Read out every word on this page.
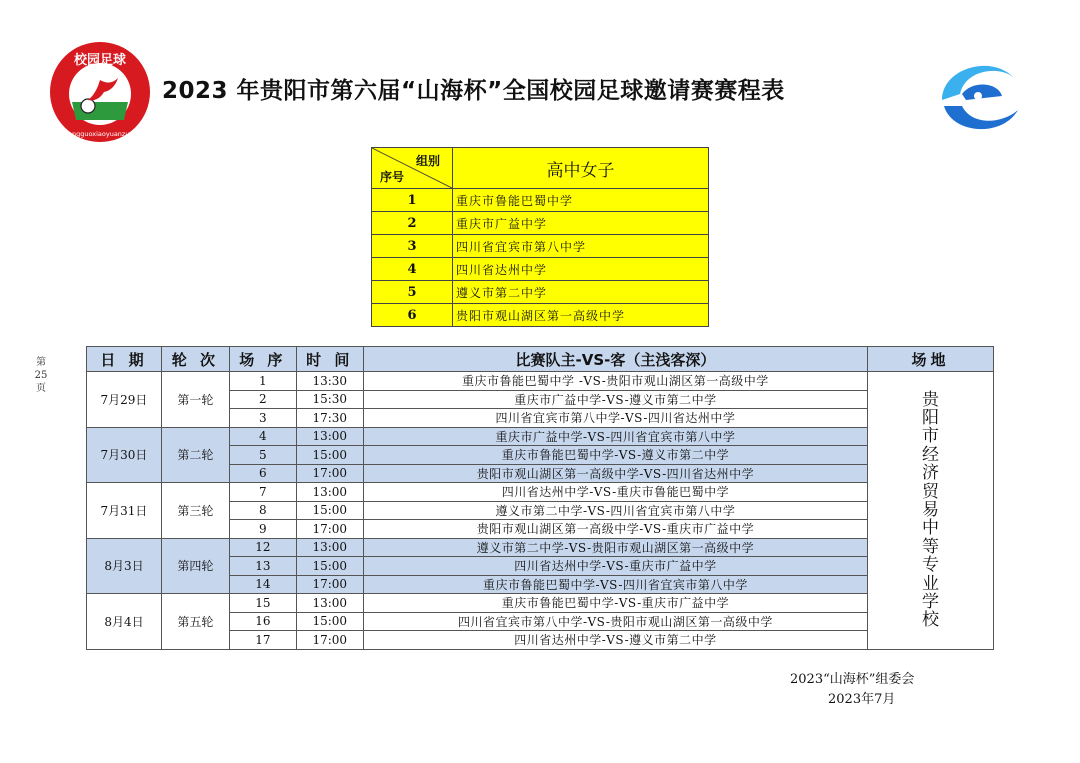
校园足球
zhongguoxiaoyuanzuqiu
2023 年贵阳市第六届“山海杯”全国校园足球邀请赛赛程表
组别
序号	高中女子
1	重庆市鲁能巴蜀中学
2	重庆市广益中学
3	四川省宜宾市第八中学
4	四川省达州中学
5	遵义市第二中学
6	贵阳市观山湖区第一高级中学
第25页
日 期	轮 次	场 序	时 间	比赛队主-VS-客（主浅客深）	场地
7月29日	第一轮	1	13:30	重庆市鲁能巴蜀中学 -VS-贵阳市观山湖区第一高级中学	贵阳市经济贸易中等专业学校

		2	15:30	重庆市广益中学-VS-遵义市第二中学	
		3	17:30	四川省宜宾市第八中学-VS-四川省达州中学	
7月30日	第二轮	4	13:00	重庆市广益中学-VS-四川省宜宾市第八中学	
		5	15:00	重庆市鲁能巴蜀中学-VS-遵义市第二中学	
		6	17:00	贵阳市观山湖区第一高级中学-VS-四川省达州中学	
7月31日	第三轮	7	13:00	四川省达州中学-VS-重庆市鲁能巴蜀中学	
		8	15:00	遵义市第二中学-VS-四川省宜宾市第八中学	
		9	17:00	贵阳市观山湖区第一高级中学-VS-重庆市广益中学	
8月3日	第四轮	12	13:00	遵义市第二中学-VS-贵阳市观山湖区第一高级中学	
		13	15:00	四川省达州中学-VS-重庆市广益中学	
		14	17:00	重庆市鲁能巴蜀中学-VS-四川省宜宾市第八中学	
8月4日	第五轮	15	13:00	重庆市鲁能巴蜀中学-VS-重庆市广益中学	
		16	15:00	四川省宜宾市第八中学-VS-贵阳市观山湖区第一高级中学	
		17	17:00	四川省达州中学-VS-遵义市第二中学	
2023“山海杯”组委会
2023年7月
